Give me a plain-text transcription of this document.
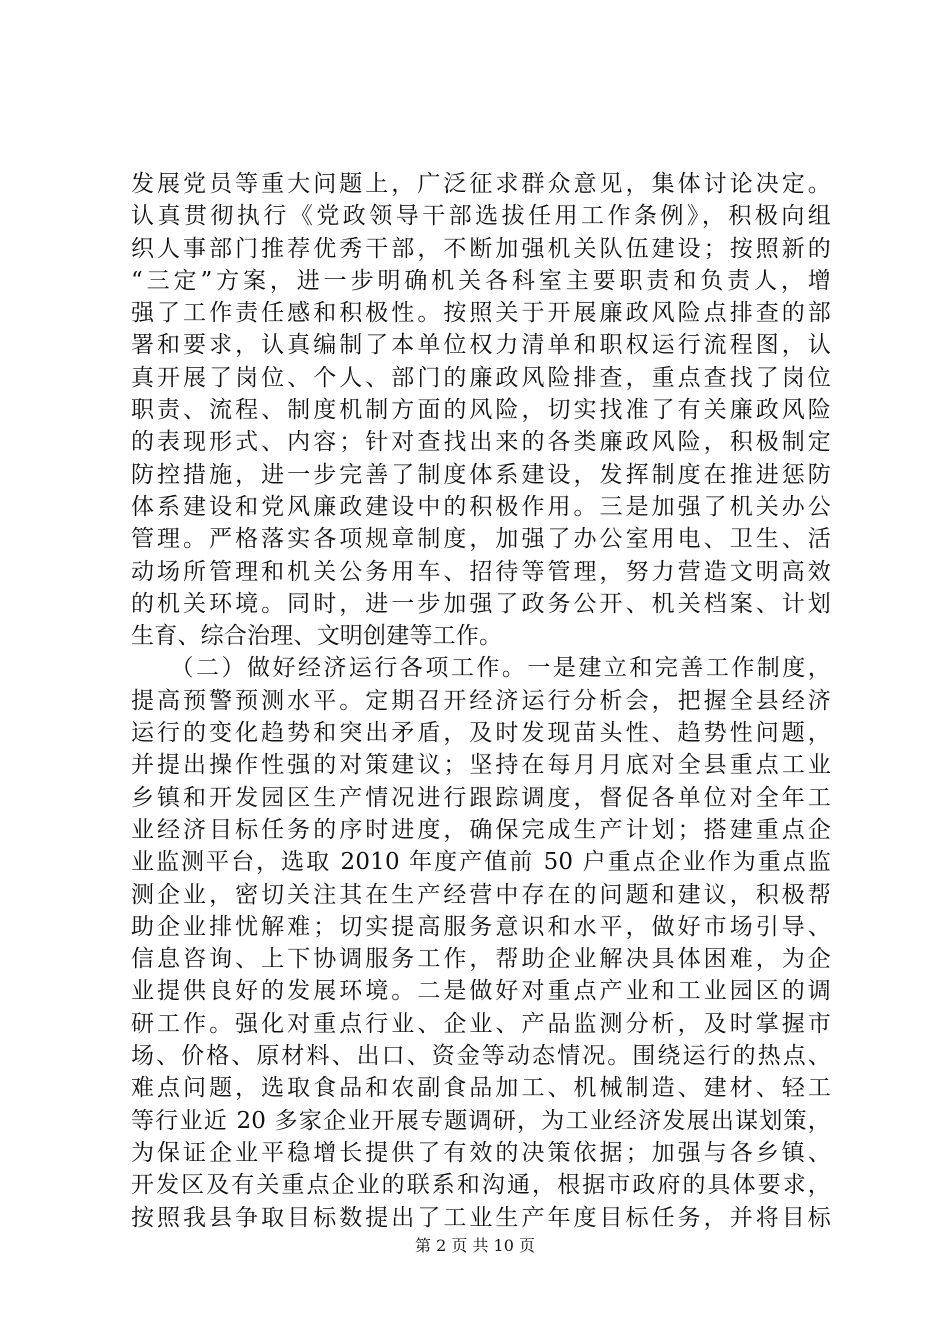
发展党员等重大问题上，广泛征求群众意见，集体讨论决定。
认真贯彻执行《党政领导干部选拔任用工作条例》，积极向组
织人事部门推荐优秀干部，不断加强机关队伍建设；按照新的
“三定”方案，进一步明确机关各科室主要职责和负责人，增
强了工作责任感和积极性。按照关于开展廉政风险点排查的部
署和要求，认真编制了本单位权力清单和职权运行流程图，认
真开展了岗位、个人、部门的廉政风险排查，重点查找了岗位
职责、流程、制度机制方面的风险，切实找准了有关廉政风险
的表现形式、内容；针对查找出来的各类廉政风险，积极制定
防控措施，进一步完善了制度体系建设，发挥制度在推进惩防
体系建设和党风廉政建设中的积极作用。三是加强了机关办公
管理。严格落实各项规章制度，加强了办公室用电、卫生、活
动场所管理和机关公务用车、招待等管理，努力营造文明高效
的机关环境。同时，进一步加强了政务公开、机关档案、计划
生育、综合治理、文明创建等工作。
　　（二）做好经济运行各项工作。一是建立和完善工作制度，
提高预警预测水平。定期召开经济运行分析会，把握全县经济
运行的变化趋势和突出矛盾，及时发现苗头性、趋势性问题，
并提出操作性强的对策建议；坚持在每月月底对全县重点工业
乡镇和开发园区生产情况进行跟踪调度，督促各单位对全年工
业经济目标任务的序时进度，确保完成生产计划；搭建重点企
业监测平台，选取 2010 年度产值前 50 户重点企业作为重点监
测企业，密切关注其在生产经营中存在的问题和建议，积极帮
助企业排忧解难；切实提高服务意识和水平，做好市场引导、
信息咨询、上下协调服务工作，帮助企业解决具体困难，为企
业提供良好的发展环境。二是做好对重点产业和工业园区的调
研工作。强化对重点行业、企业、产品监测分析，及时掌握市
场、价格、原材料、出口、资金等动态情况。围绕运行的热点、
难点问题，选取食品和农副食品加工、机械制造、建材、轻工
等行业近 20 多家企业开展专题调研，为工业经济发展出谋划策，
为保证企业平稳增长提供了有效的决策依据；加强与各乡镇、
开发区及有关重点企业的联系和沟通，根据市政府的具体要求，
按照我县争取目标数提出了工业生产年度目标任务，并将目标
第 2 页 共 10 页
